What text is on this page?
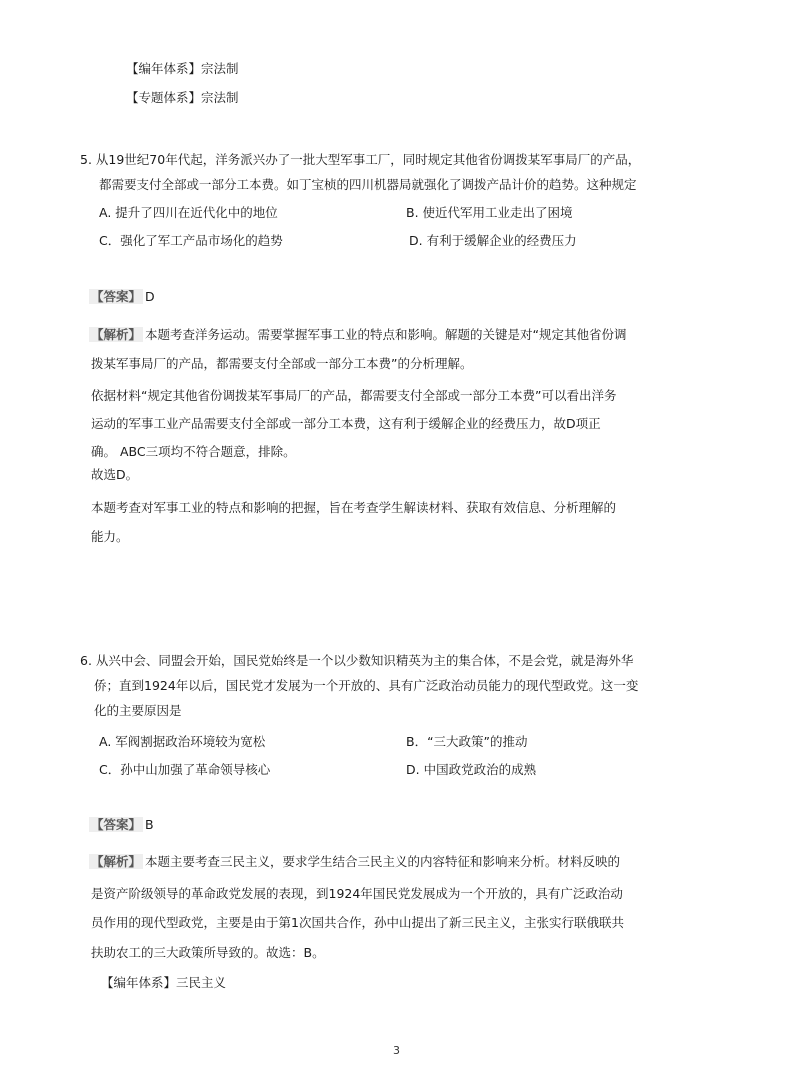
【编年体系】宗法制
【专题体系】宗法制
5. 从19世纪70年代起，洋务派兴办了一批大型军事工厂，同时规定其他省份调拨某军事局厂的产品，
都需要支付全部或一部分工本费。如丁宝桢的四川机器局就强化了调拨产品计价的趋势。这种规定
A. 提升了四川在近代化中的地位	B. 使近代军用工业走出了困境
C．强化了军工产品市场化的趋势	D. 有利于缓解企业的经费压力
【答案】 D
【解析】 本题考查洋务运动。需要掌握军事工业的特点和影响。解题的关键是对“规定其他省份调
拨某军事局厂的产品，都需要支付全部或一部分工本费”的分析理解。
依据材料“规定其他省份调拨某军事局厂的产品，都需要支付全部或一部分工本费”可以看出洋务
运动的军事工业产品需要支付全部或一部分工本费，这有利于缓解企业的经费压力，故D项正
确。 ABC三项均不符合题意，排除。
故选D。
本题考查对军事工业的特点和影响的把握，旨在考查学生解读材料、获取有效信息、分析理解的
能力。
6. 从兴中会、同盟会开始，国民党始终是一个以少数知识精英为主的集合体，不是会党，就是海外华
侨；直到1924年以后，国民党才发展为一个开放的、具有广泛政治动员能力的现代型政党。这一变
化的主要原因是
A. 军阀割据政治环境较为宽松	B．“三大政策”的推动
C．孙中山加强了革命领导核心	D. 中国政党政治的成熟
【答案】 B
【解析】 本题主要考查三民主义，要求学生结合三民主义的内容特征和影响来分析。材料反映的
是资产阶级领导的革命政党发展的表现，到1924年国民党发展成为一个开放的，具有广泛政治动
员作用的现代型政党，主要是由于第1次国共合作，孙中山提出了新三民主义，主张实行联俄联共
扶助农工的三大政策所导致的。故选：B。
【编年体系】三民主义
3
